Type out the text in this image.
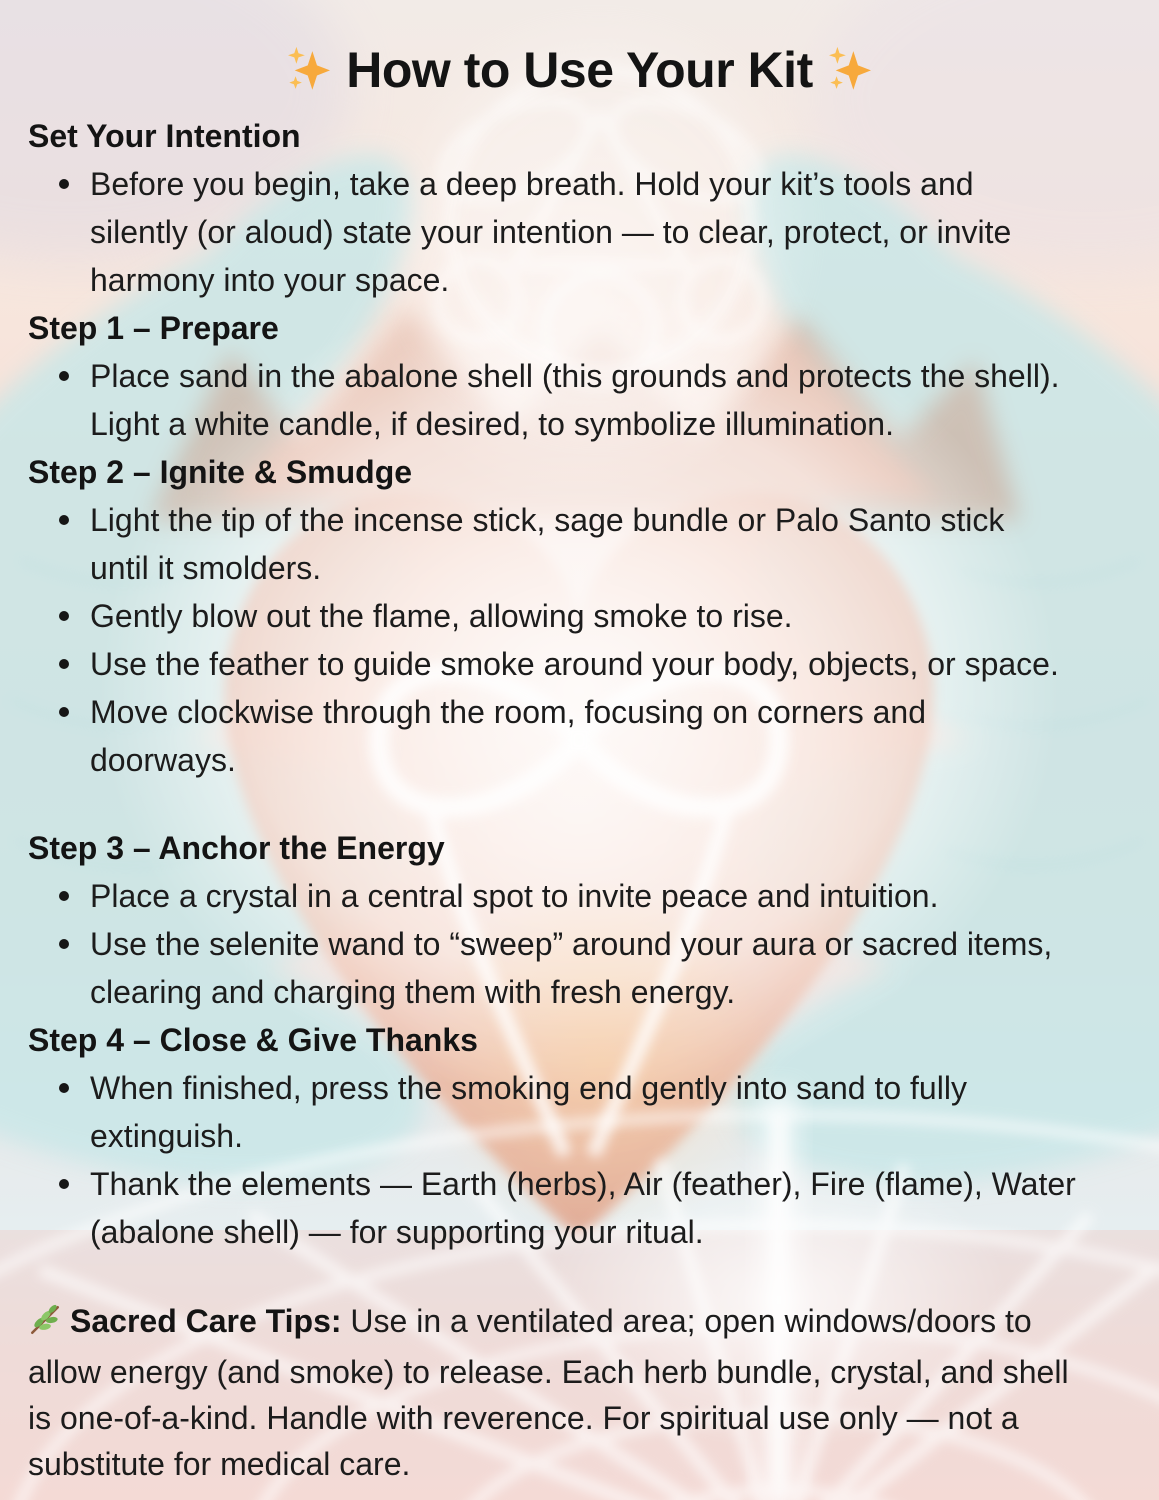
How to Use Your Kit
Set Your Intention
Before you begin, take a deep breath. Hold your kit’s tools and
silently (or aloud) state your intention — to clear, protect, or invite
harmony into your space.
Step 1 – Prepare
Place sand in the abalone shell (this grounds and protects the shell).
Light a white candle, if desired, to symbolize illumination.
Step 2 – Ignite & Smudge
Light the tip of the incense stick, sage bundle or Palo Santo stick
until it smolders.
Gently blow out the flame, allowing smoke to rise.
Use the feather to guide smoke around your body, objects, or space.
Move clockwise through the room, focusing on corners and
doorways.
Step 3 – Anchor the Energy
Place a crystal in a central spot to invite peace and intuition.
Use the selenite wand to “sweep” around your aura or sacred items,
clearing and charging them with fresh energy.
Step 4 – Close & Give Thanks
When finished, press the smoking end gently into sand to fully
extinguish.
Thank the elements — Earth (herbs), Air (feather), Fire (flame), Water
(abalone shell) — for supporting your ritual.
Sacred Care Tips: Use in a ventilated area; open windows/doors to
allow energy (and smoke) to release. Each herb bundle, crystal, and shell
is one-of-a-kind. Handle with reverence. For spiritual use only — not a
substitute for medical care.
